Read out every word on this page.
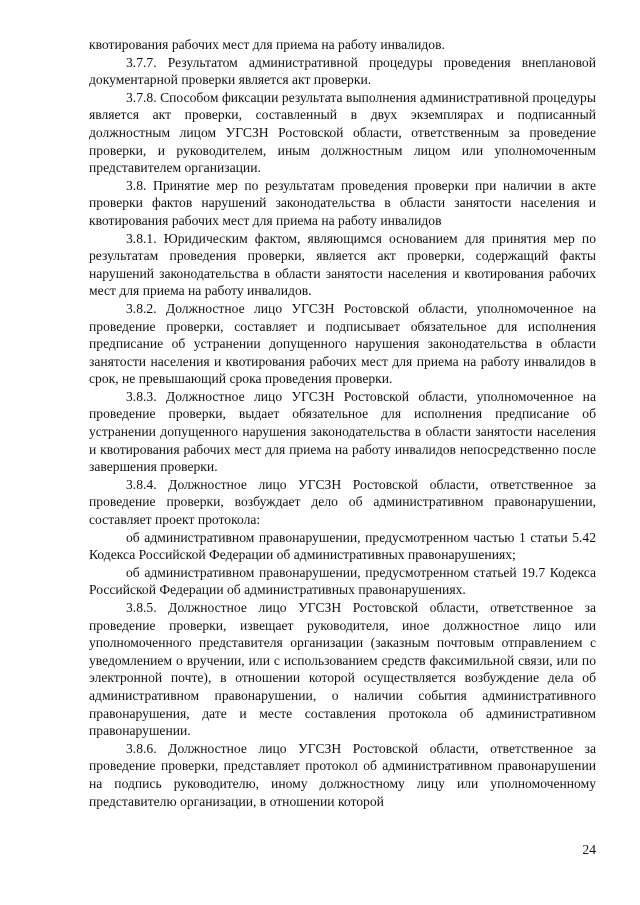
квотирования рабочих мест для приема на работу инвалидов.

3.7.7. Результатом административной процедуры проведения внеплановой документарной проверки является акт проверки.

3.7.8. Способом фиксации результата выполнения административной процедуры является акт проверки, составленный в двух экземплярах и подписанный должностным лицом УГСЗН Ростовской области, ответственным за проведение проверки, и руководителем, иным должностным лицом или уполномоченным представителем организации.

3.8. Принятие мер по результатам проведения проверки при наличии в акте проверки фактов нарушений законодательства в области занятости населения и квотирования рабочих мест для приема на работу инвалидов

3.8.1. Юридическим фактом, являющимся основанием для принятия мер по результатам проведения проверки, является акт проверки, содержащий факты нарушений законодательства в области занятости населения и квотирования рабочих мест для приема на работу инвалидов.

3.8.2. Должностное лицо УГСЗН Ростовской области, уполномоченное на проведение проверки, составляет и подписывает обязательное для исполнения предписание об устранении допущенного нарушения законодательства в области занятости населения и квотирования рабочих мест для приема на работу инвалидов в срок, не превышающий срока проведения проверки.

3.8.3. Должностное лицо УГСЗН Ростовской области, уполномоченное на проведение проверки, выдает обязательное для исполнения предписание об устранении допущенного нарушения законодательства в области занятости населения и квотирования рабочих мест для приема на работу инвалидов непосредственно после завершения проверки.

3.8.4. Должностное лицо УГСЗН Ростовской области, ответственное за проведение проверки, возбуждает дело об административном правонарушении, составляет проект протокола:

об административном правонарушении, предусмотренном частью 1 статьи 5.42 Кодекса Российской Федерации об административных правонарушениях;

об административном правонарушении, предусмотренном статьей 19.7 Кодекса Российской Федерации об административных правонарушениях.

3.8.5. Должностное лицо УГСЗН Ростовской области, ответственное за проведение проверки, извещает руководителя, иное должностное лицо или уполномоченного представителя организации (заказным почтовым отправлением с уведомлением о вручении, или с использованием средств факсимильной связи, или по электронной почте), в отношении которой осуществляется возбуждение дела об административном правонарушении, о наличии события административного правонарушения, дате и месте составления протокола об административном правонарушении.

3.8.6. Должностное лицо УГСЗН Ростовской области, ответственное за проведение проверки, представляет протокол об административном правонарушении на подпись руководителю, иному должностному лицу или уполномоченному представителю организации, в отношении которой

24
